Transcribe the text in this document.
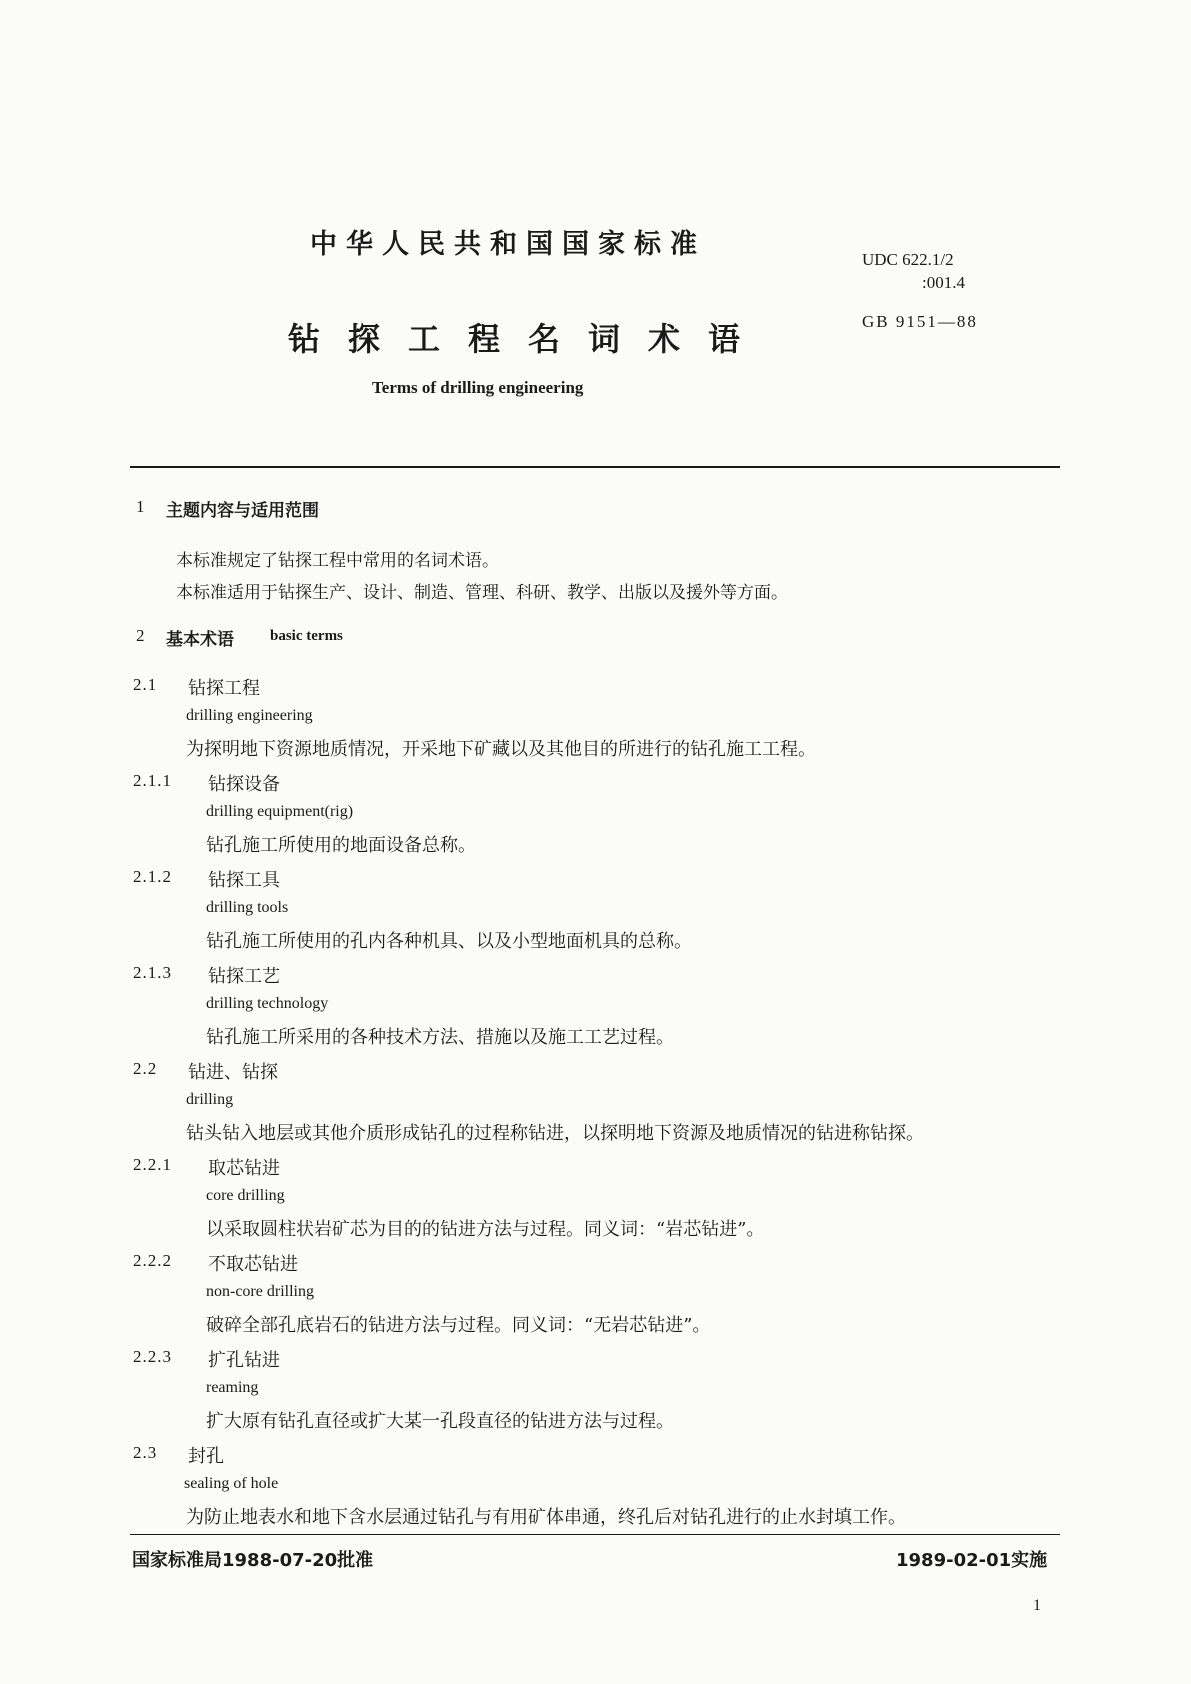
中华人民共和国国家标准	UDC 622.1/2
:001.4
钻探工程名词术语	GB 9151—88
Terms of drilling engineering
1 主题内容与适用范围
本标准规定了钻探工程中常用的名词术语。
本标准适用于钻探生产、设计、制造、管理、科研、教学、出版以及援外等方面。
2 基本术语 basic terms
2.1 钻探工程
drilling engineering
为探明地下资源地质情况，开采地下矿藏以及其他目的所进行的钻孔施工工程。
2.1.1 钻探设备
drilling equipment(rig)
钻孔施工所使用的地面设备总称。
2.1.2 钻探工具
drilling tools
钻孔施工所使用的孔内各种机具、以及小型地面机具的总称。
2.1.3 钻探工艺
drilling technology
钻孔施工所采用的各种技术方法、措施以及施工工艺过程。
2.2 钻进、钻探
drilling
钻头钻入地层或其他介质形成钻孔的过程称钻进，以探明地下资源及地质情况的钻进称钻探。
2.2.1 取芯钻进
core drilling
以采取圆柱状岩矿芯为目的的钻进方法与过程。同义词：“岩芯钻进”。
2.2.2 不取芯钻进
non-core drilling
破碎全部孔底岩石的钻进方法与过程。同义词：“无岩芯钻进”。
2.2.3 扩孔钻进
reaming
扩大原有钻孔直径或扩大某一孔段直径的钻进方法与过程。
2.3 封孔
sealing of hole
为防止地表水和地下含水层通过钻孔与有用矿体串通，终孔后对钻孔进行的止水封填工作。
国家标准局1988-07-20批准	1989-02-01实施
1
